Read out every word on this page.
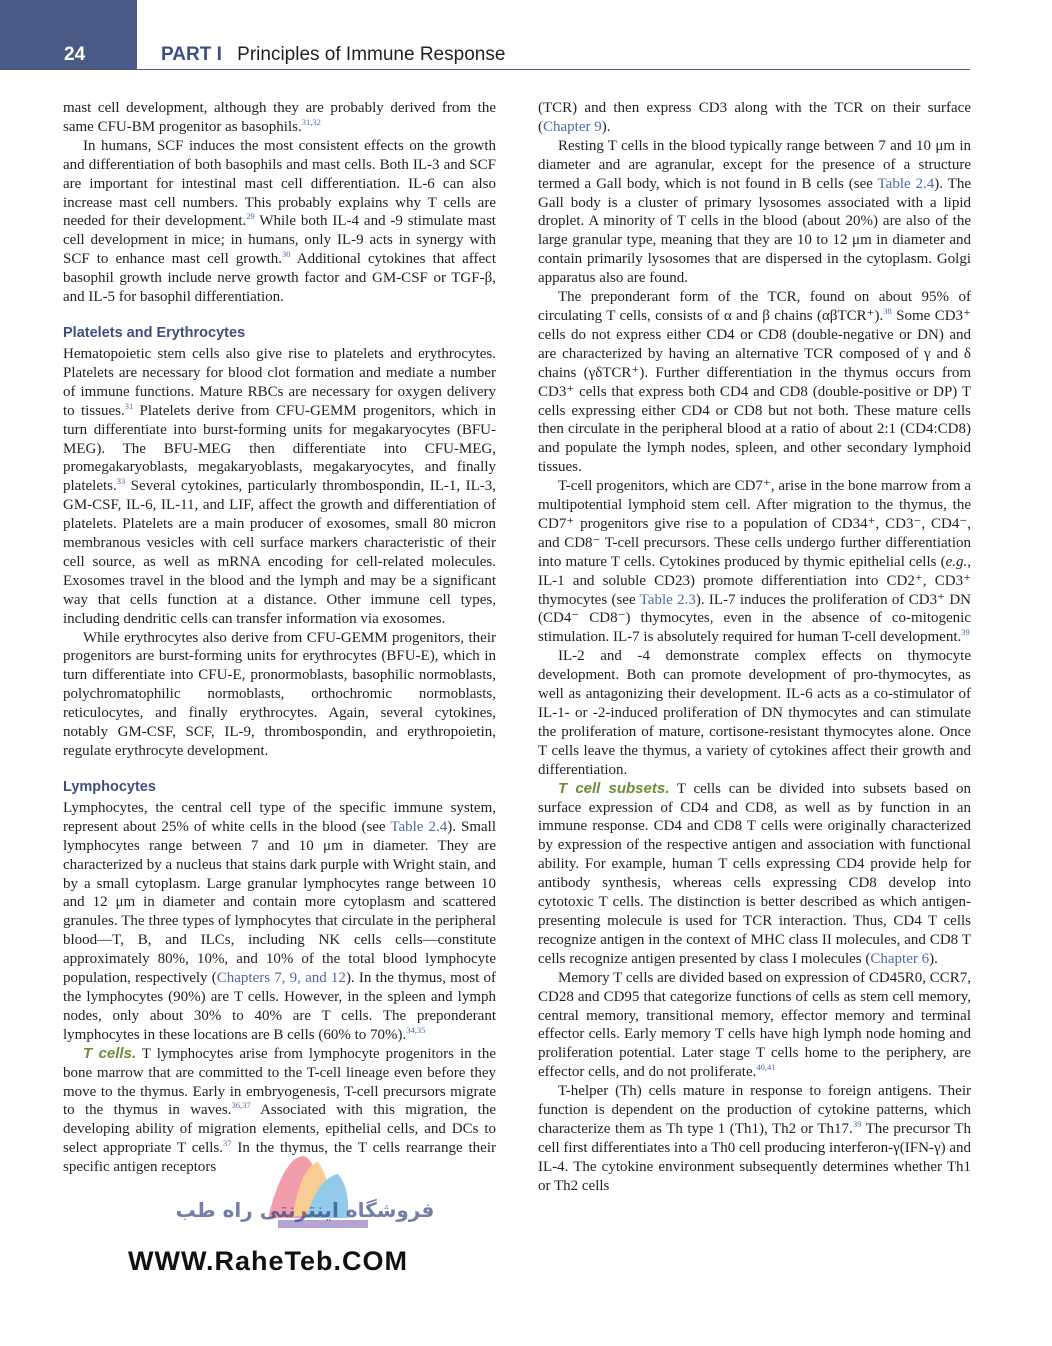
24	PART I Principles of Immune Response

mast cell development, although they are probably derived from the same CFU-BM progenitor as basophils.$^{31,32}$

In humans, SCF induces the most consistent effects on the growth and differentiation of both basophils and mast cells. Both IL-3 and SCF are important for intestinal mast cell differentiation. IL-6 can also increase mast cell numbers. This probably explains why T cells are needed for their development.$^{29}$ While both IL-4 and -9 stimulate mast cell development in mice; in humans, only IL-9 acts in synergy with SCF to enhance mast cell growth.$^{30}$ Additional cytokines that affect basophil growth include nerve growth factor and GM-CSF or TGF-β, and IL-5 for basophil differentiation.

Platelets and Erythrocytes

Hematopoietic stem cells also give rise to platelets and erythrocytes. Platelets are necessary for blood clot formation and mediate a number of immune functions. Mature RBCs are necessary for oxygen delivery to tissues.$^{31}$ Platelets derive from CFU-GEMM progenitors, which in turn differentiate into burst-forming units for megakaryocytes (BFU-MEG). The BFU-MEG then differentiate into CFU-MEG, promegakaryoblasts, megakaryoblasts, megakaryocytes, and finally platelets.$^{33}$ Several cytokines, particularly thrombospondin, IL-1, IL-3, GM-CSF, IL-6, IL-11, and LIF, affect the growth and differentiation of platelets. Platelets are a main producer of exosomes, small 80 micron membranous vesicles with cell surface markers characteristic of their cell source, as well as mRNA encoding for cell-related molecules. Exosomes travel in the blood and the lymph and may be a significant way that cells function at a distance. Other immune cell types, including dendritic cells can transfer information via exosomes.

While erythrocytes also derive from CFU-GEMM progenitors, their progenitors are burst-forming units for erythrocytes (BFU-E), which in turn differentiate into CFU-E, pronormoblasts, basophilic normoblasts, polychromatophilic normoblasts, orthochromic normoblasts, reticulocytes, and finally erythrocytes. Again, several cytokines, notably GM-CSF, SCF, IL-9, thrombospondin, and erythropoietin, regulate erythrocyte development.

Lymphocytes

Lymphocytes, the central cell type of the specific immune system, represent about 25% of white cells in the blood (see Table 2.4). Small lymphocytes range between 7 and 10 μm in diameter. They are characterized by a nucleus that stains dark purple with Wright stain, and by a small cytoplasm. Large granular lymphocytes range between 10 and 12 μm in diameter and contain more cytoplasm and scattered granules. The three types of lymphocytes that circulate in the peripheral blood—T, B, and ILCs, including NK cells cells—constitute approximately 80%, 10%, and 10% of the total blood lymphocyte population, respectively (Chapters 7, 9, and 12). In the thymus, most of the lymphocytes (90%) are T cells. However, in the spleen and lymph nodes, only about 30% to 40% are T cells. The preponderant lymphocytes in these locations are B cells (60% to 70%).$^{34,35}$

T cells. T lymphocytes arise from lymphocyte progenitors in the bone marrow that are committed to the T-cell lineage even before they move to the thymus. Early in embryogenesis, T-cell precursors migrate to the thymus in waves.$^{36,37}$ Associated with this migration, the developing ability of migration elements, epithelial cells, and DCs to select appropriate T cells.$^{37}$ In the thymus, the T cells rearrange their specific antigen receptors

(TCR) and then express CD3 along with the TCR on their surface (Chapter 9).

Resting T cells in the blood typically range between 7 and 10 μm in diameter and are agranular, except for the presence of a structure termed a Gall body, which is not found in B cells (see Table 2.4). The Gall body is a cluster of primary lysosomes associated with a lipid droplet. A minority of T cells in the blood (about 20%) are also of the large granular type, meaning that they are 10 to 12 μm in diameter and contain primarily lysosomes that are dispersed in the cytoplasm. Golgi apparatus also are found.

The preponderant form of the TCR, found on about 95% of circulating T cells, consists of α and β chains (αβTCR⁺).$^{38}$ Some CD3⁺ cells do not express either CD4 or CD8 (double-negative or DN) and are characterized by having an alternative TCR composed of γ and δ chains (γδTCR⁺). Further differentiation in the thymus occurs from CD3⁺ cells that express both CD4 and CD8 (double-positive or DP) T cells expressing either CD4 or CD8 but not both. These mature cells then circulate in the peripheral blood at a ratio of about 2:1 (CD4:CD8) and populate the lymph nodes, spleen, and other secondary lymphoid tissues.

T-cell progenitors, which are CD7⁺, arise in the bone marrow from a multipotential lymphoid stem cell. After migration to the thymus, the CD7⁺ progenitors give rise to a population of CD34⁺, CD3⁻, CD4⁻, and CD8⁻ T-cell precursors. These cells undergo further differentiation into mature T cells. Cytokines produced by thymic epithelial cells (e.g., IL-1 and soluble CD23) promote differentiation into CD2⁺, CD3⁺ thymocytes (see Table 2.3). IL-7 induces the proliferation of CD3⁺ DN (CD4⁻ CD8⁻) thymocytes, even in the absence of co-mitogenic stimulation. IL-7 is absolutely required for human T-cell development.$^{39}$

IL-2 and -4 demonstrate complex effects on thymocyte development. Both can promote development of pro-thymocytes, as well as antagonizing their development. IL-6 acts as a co-stimulator of IL-1- or -2-induced proliferation of DN thymocytes and can stimulate the proliferation of mature, cortisone-resistant thymocytes alone. Once T cells leave the thymus, a variety of cytokines affect their growth and differentiation.

T cell subsets. T cells can be divided into subsets based on surface expression of CD4 and CD8, as well as by function in an immune response. CD4 and CD8 T cells were originally characterized by expression of the respective antigen and association with functional ability. For example, human T cells expressing CD4 provide help for antibody synthesis, whereas cells expressing CD8 develop into cytotoxic T cells. The distinction is better described as which antigen-presenting molecule is used for TCR interaction. Thus, CD4 T cells recognize antigen in the context of MHC class II molecules, and CD8 T cells recognize antigen presented by class I molecules (Chapter 6).

Memory T cells are divided based on expression of CD45R0, CCR7, CD28 and CD95 that categorize functions of cells as stem cell memory, central memory, transitional memory, effector memory and terminal effector cells. Early memory T cells have high lymph node homing and proliferation potential. Later stage T cells home to the periphery, are effector cells, and do not proliferate.$^{40,41}$

T-helper (Th) cells mature in response to foreign antigens. Their function is dependent on the production of cytokine patterns, which characterize them as Th type 1 (Th1), Th2 or Th17.39 The precursor Th cell first differentiates into a Th0 cell producing interferon-γ(IFN-γ) and IL-4. The cytokine environment subsequently determines whether Th1 or Th2 cells

فروشگاه اینترنتی راه طب
WWW.RaheTeb.COM
